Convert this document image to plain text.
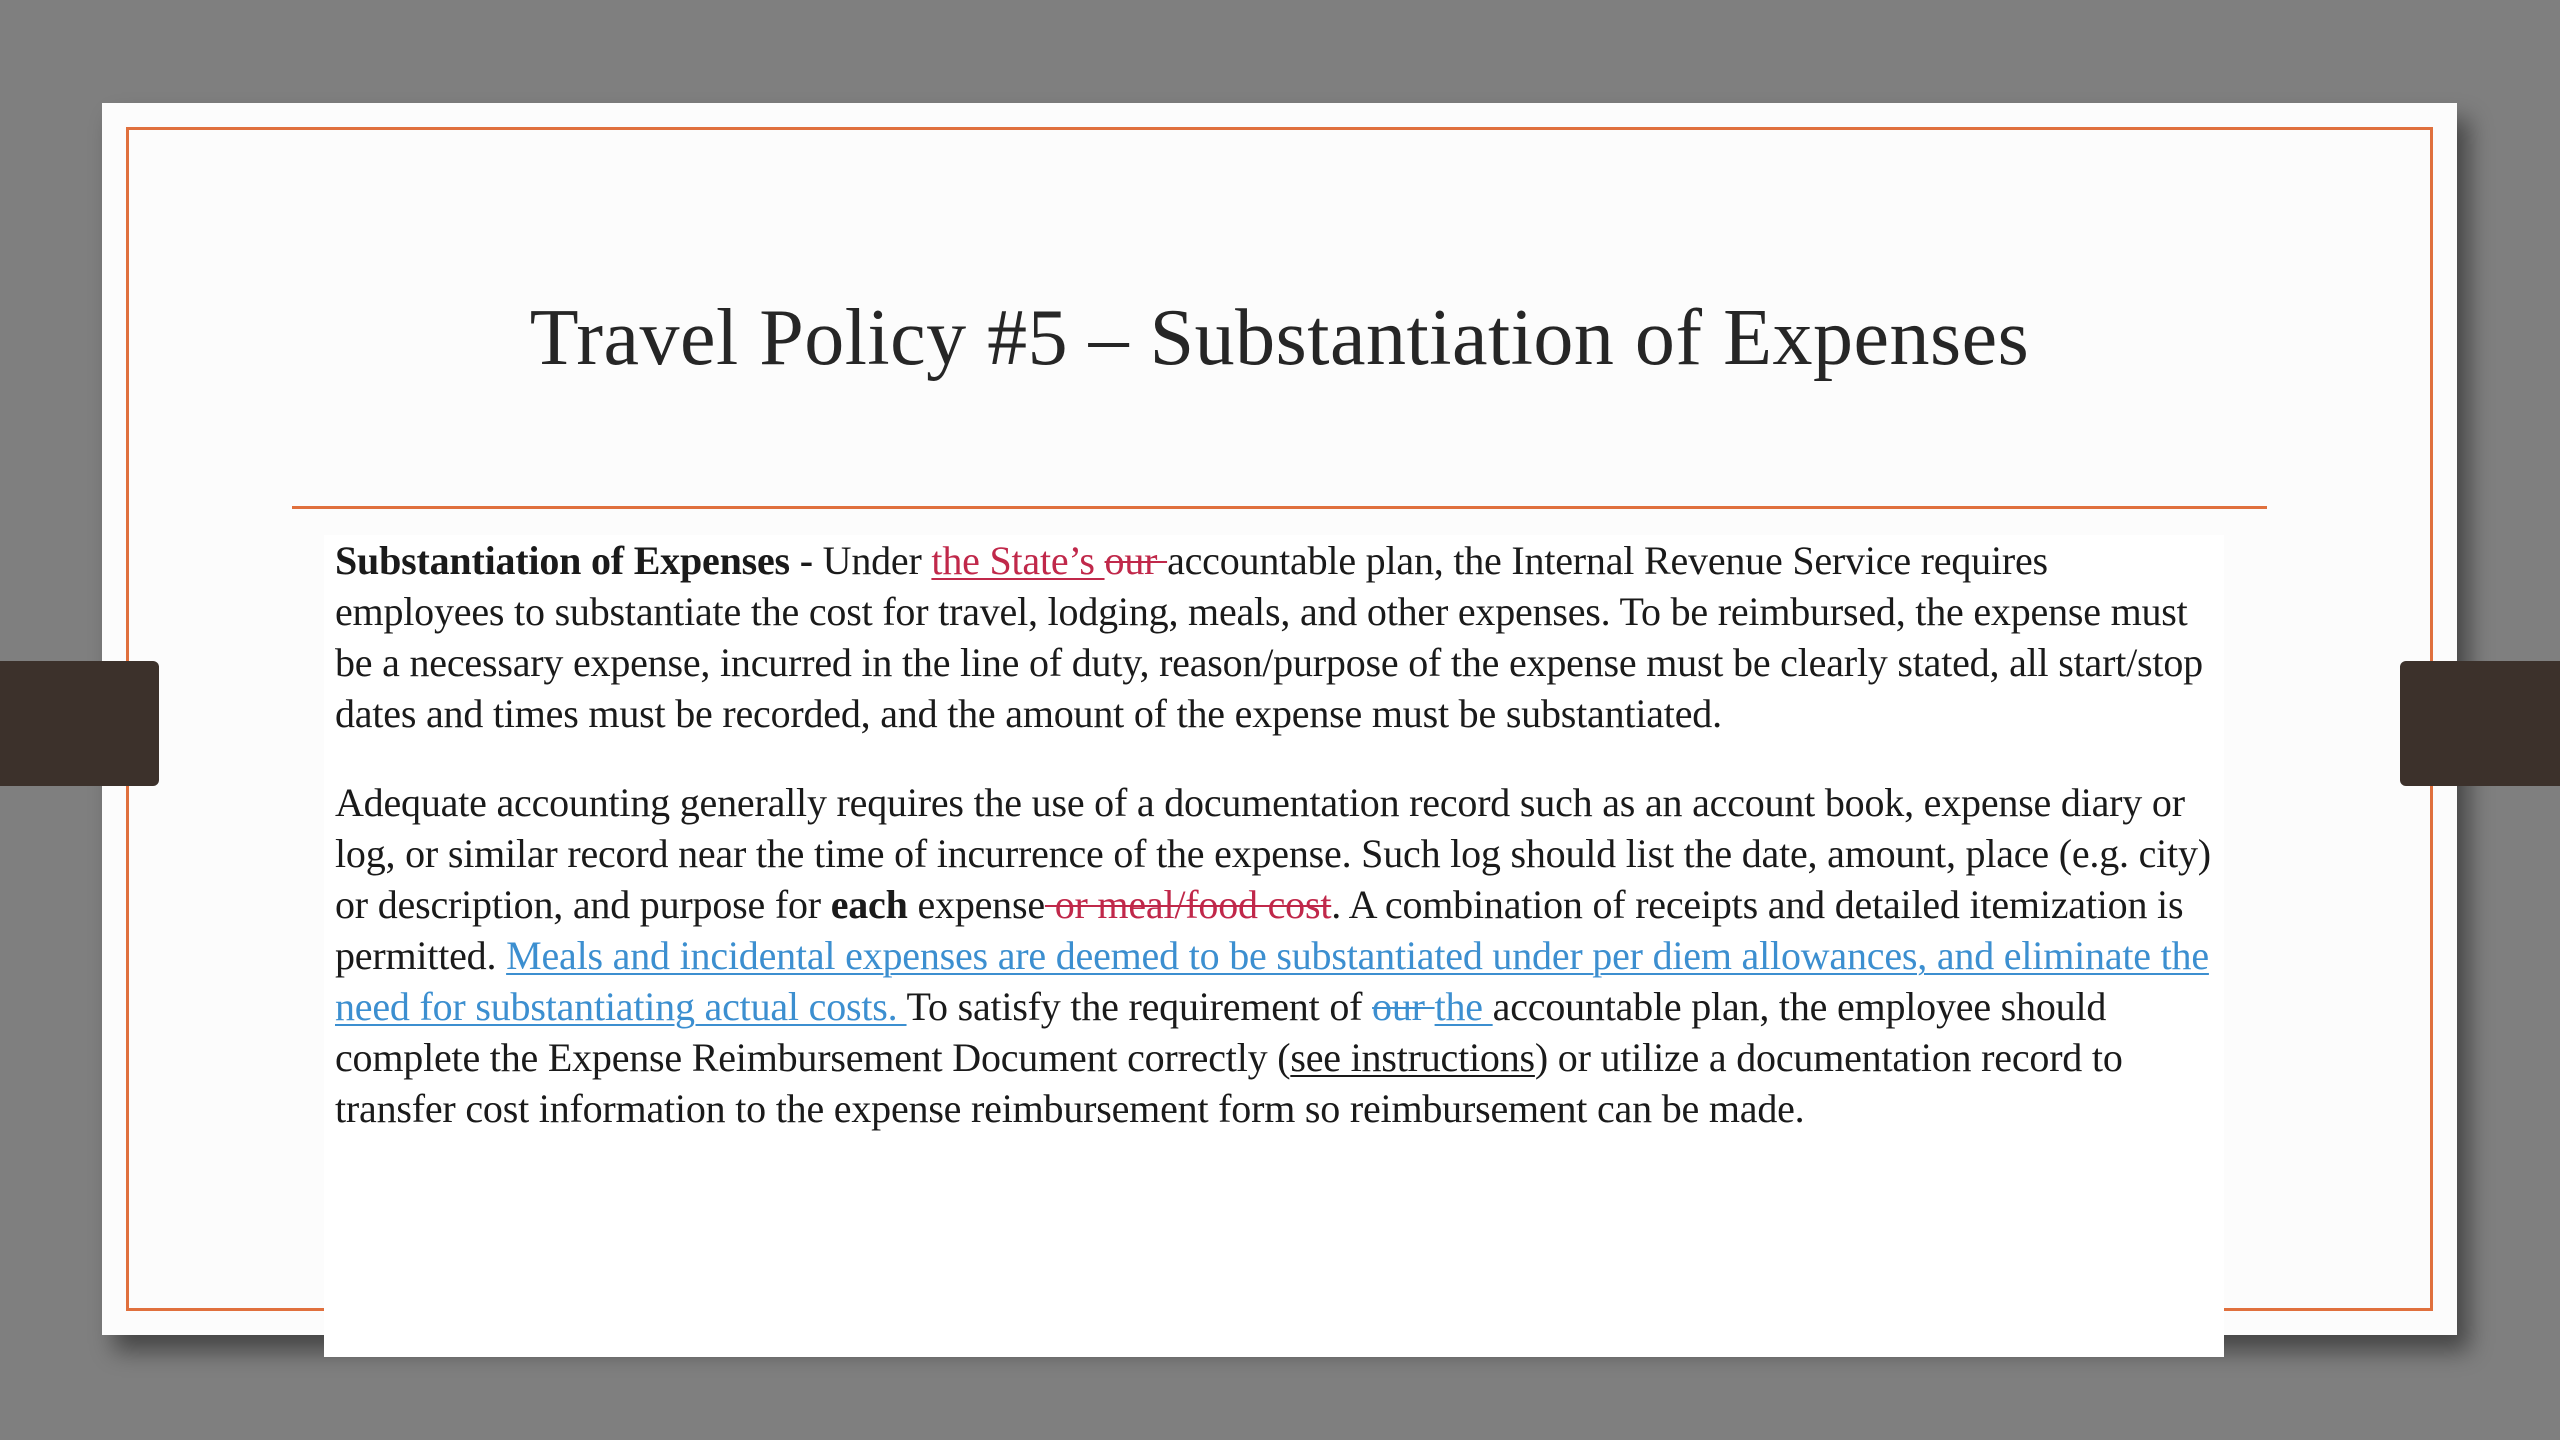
Travel Policy #5 – Substantiation of Expenses

Substantiation of Expenses - Under the State’s our accountable plan, the Internal Revenue Service requires employees to substantiate the cost for travel, lodging, meals, and other expenses. To be reimbursed, the expense must be a necessary expense, incurred in the line of duty, reason/purpose of the expense must be clearly stated, all start/stop dates and times must be recorded, and the amount of the expense must be substantiated.

Adequate accounting generally requires the use of a documentation record such as an account book, expense diary or log, or similar record near the time of incurrence of the expense. Such log should list the date, amount, place (e.g. city) or description, and purpose for each expense or meal/food cost. A combination of receipts and detailed itemization is permitted. Meals and incidental expenses are deemed to be substantiated under per diem allowances, and eliminate the need for substantiating actual costs. To satisfy the requirement of our the accountable plan, the employee should complete the Expense Reimbursement Document correctly (see instructions) or utilize a documentation record to transfer cost information to the expense reimbursement form so reimbursement can be made.
